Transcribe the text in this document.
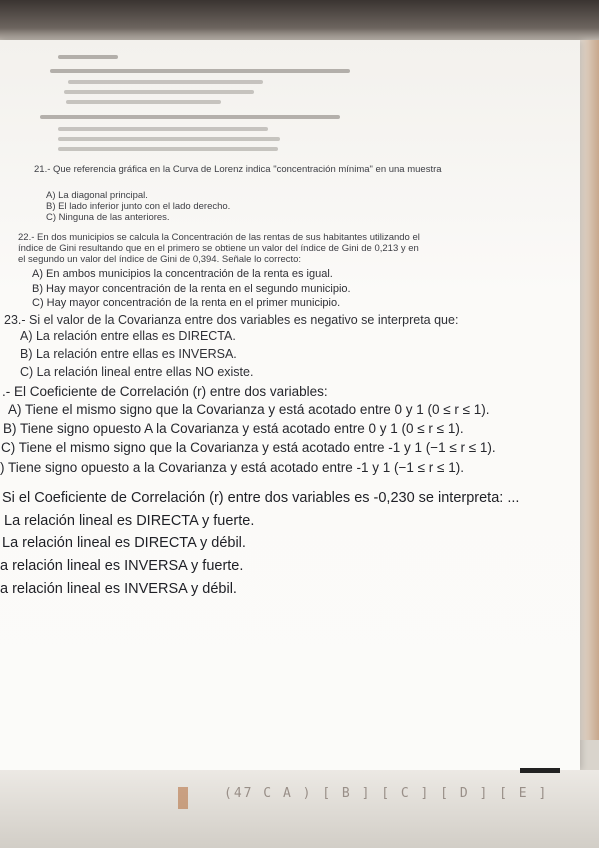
21.- Que referencia gráfica en la Curva de Lorenz indica "concentración mínima" en una muestra
A) La diagonal principal.
B) El lado inferior junto con el lado derecho.
C) Ninguna de las anteriores.
22.- En dos municipios se calcula la Concentración de las rentas de sus habitantes utilizando el
índice de Gini resultando que en el primero se obtiene un valor del índice de Gini de 0,213 y en
el segundo un valor del índice de Gini de 0,394. Señale lo correcto:
A) En ambos municipios la concentración de la renta es igual.
B) Hay mayor concentración de la renta en el segundo municipio.
C) Hay mayor concentración de la renta en el primer municipio.
23.- Si el valor de la Covarianza entre dos variables es negativo se interpreta que:
A) La relación entre ellas es DIRECTA.
B) La relación entre ellas es INVERSA.
C) La relación lineal entre ellas NO existe.
.- El Coeficiente de Correlación (r) entre dos variables:
A) Tiene el mismo signo que la Covarianza y está acotado entre 0 y 1 (0 ≤ r ≤ 1).
B) Tiene signo opuesto A la Covarianza y está acotado entre 0 y 1 (0 ≤ r ≤ 1).
C) Tiene el mismo signo que la Covarianza y está acotado entre -1 y 1 (−1 ≤ r ≤ 1).
) Tiene signo opuesto a la Covarianza y está acotado entre -1 y 1 (−1 ≤ r ≤ 1).
Si el Coeficiente de Correlación (r) entre dos variables es -0,230 se interpreta: ...
La relación lineal es DIRECTA y fuerte.
La relación lineal es DIRECTA y débil.
a relación lineal es INVERSA y fuerte.
a relación lineal es INVERSA y débil.
(47 C A ) [ B ] [ C ] [ D ] [ E ]
